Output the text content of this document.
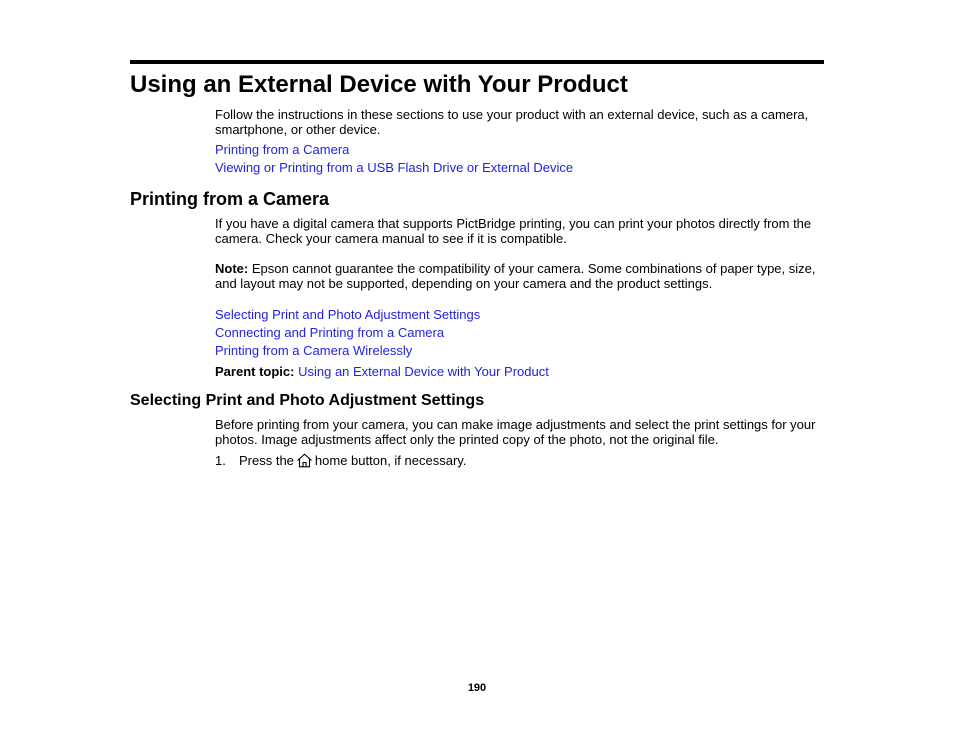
Using an External Device with Your Product

Follow the instructions in these sections to use your product with an external device, such as a camera, smartphone, or other device.

Printing from a Camera
Viewing or Printing from a USB Flash Drive or External Device
Printing from a Camera

If you have a digital camera that supports PictBridge printing, you can print your photos directly from the camera. Check your camera manual to see if it is compatible.

Note: Epson cannot guarantee the compatibility of your camera. Some combinations of paper type, size, and layout may not be supported, depending on your camera and the product settings.

Selecting Print and Photo Adjustment Settings
Connecting and Printing from a Camera
Printing from a Camera Wirelessly
Parent topic: Using an External Device with Your Product
Selecting Print and Photo Adjustment Settings

Before printing from your camera, you can make image adjustments and select the print settings for your photos. Image adjustments affect only the printed copy of the photo, not the original file.

1. Press the home button, if necessary.
190
